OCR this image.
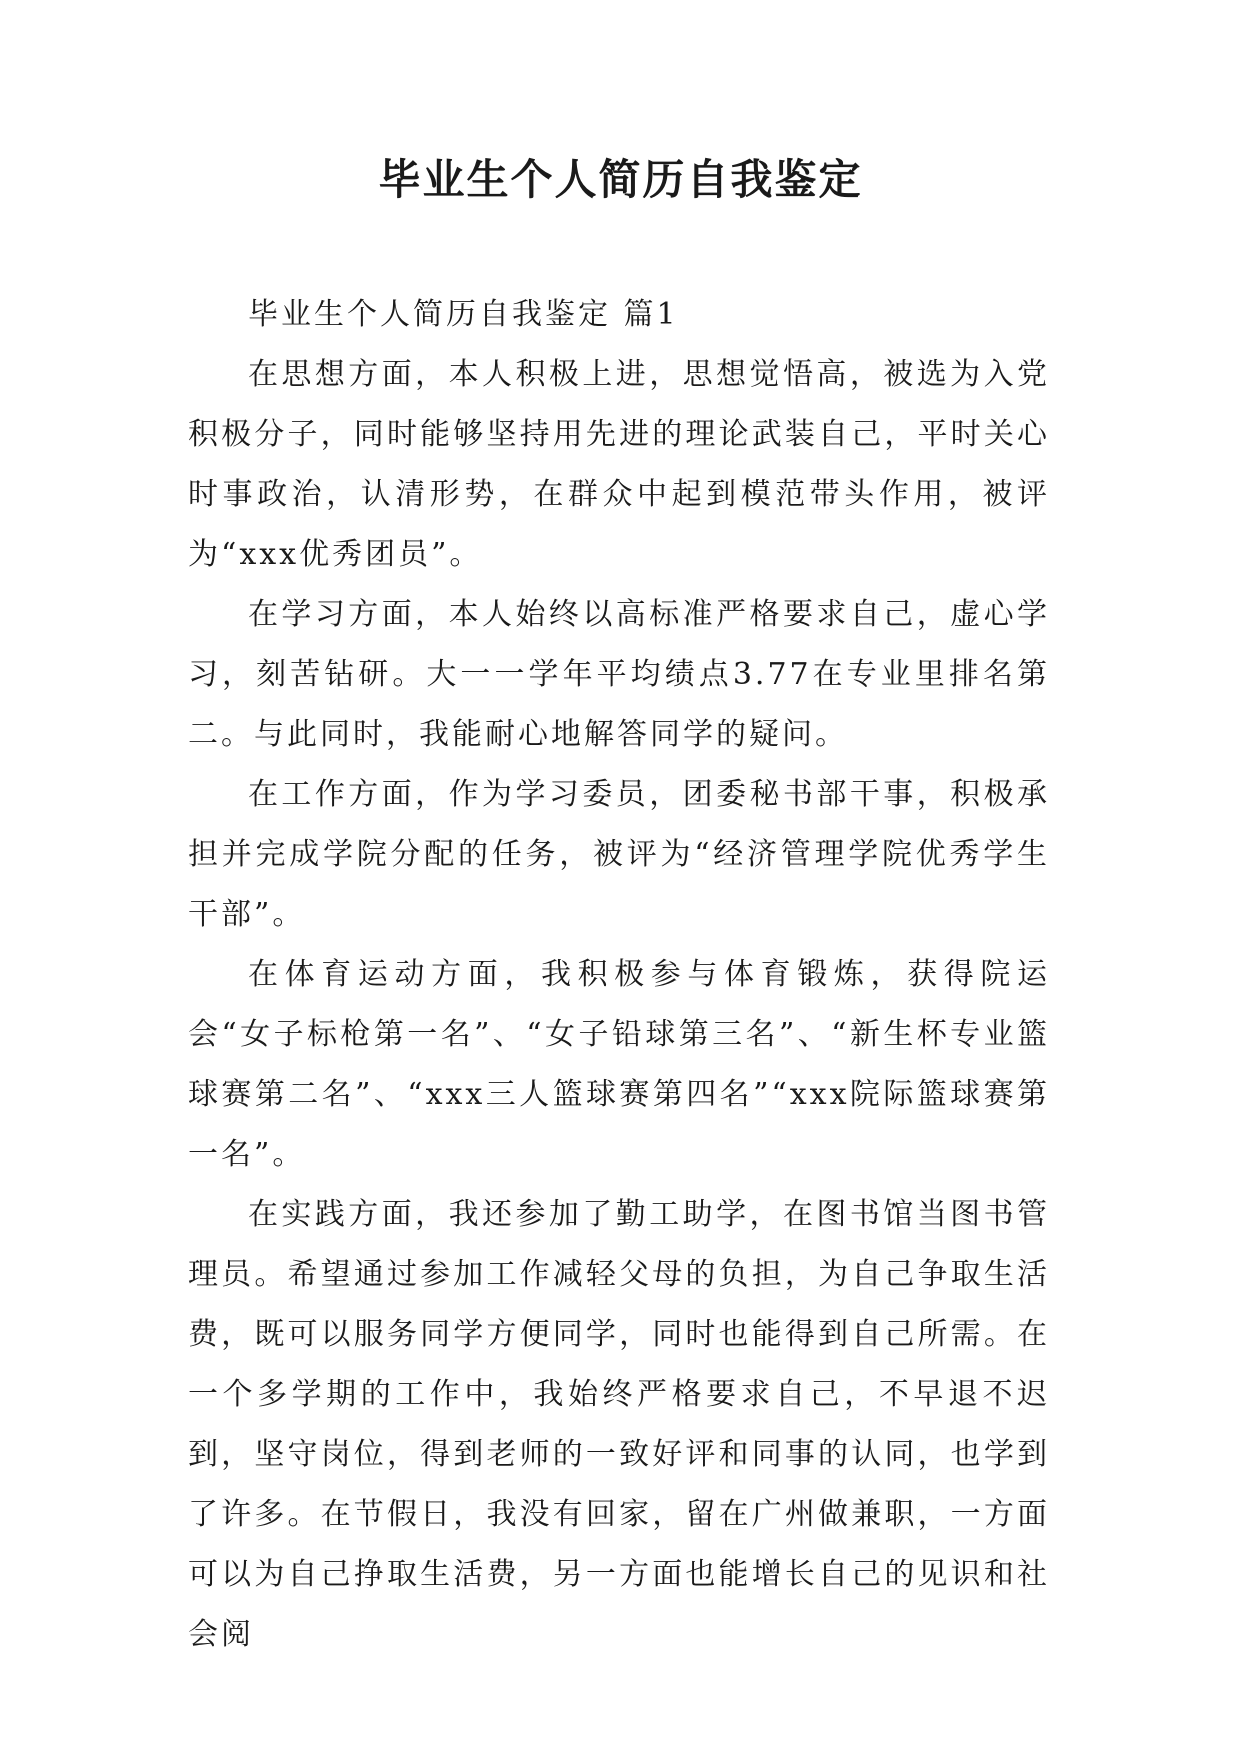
毕业生个人简历自我鉴定

毕业生个人简历自我鉴定 篇1

在思想方面，本人积极上进，思想觉悟高，被选为入党积极分子，同时能够坚持用先进的理论武装自己，平时关心时事政治，认清形势，在群众中起到模范带头作用，被评为“xxx优秀团员”。

在学习方面，本人始终以高标准严格要求自己，虚心学习，刻苦钻研。大一一学年平均绩点3.77在专业里排名第二。与此同时，我能耐心地解答同学的疑问。

在工作方面，作为学习委员，团委秘书部干事，积极承担并完成学院分配的任务，被评为“经济管理学院优秀学生干部”。

在体育运动方面，我积极参与体育锻炼，获得院运会“女子标枪第一名”、“女子铅球第三名”、“新生杯专业篮球赛第二名”、“xxx三人篮球赛第四名”“xxx院际篮球赛第一名”。

在实践方面，我还参加了勤工助学，在图书馆当图书管理员。希望通过参加工作减轻父母的负担，为自己争取生活费，既可以服务同学方便同学，同时也能得到自己所需。在一个多学期的工作中，我始终严格要求自己，不早退不迟到，坚守岗位，得到老师的一致好评和同事的认同，也学到了许多。在节假日，我没有回家，留在广州做兼职，一方面可以为自己挣取生活费，另一方面也能增长自己的见识和社会阅
